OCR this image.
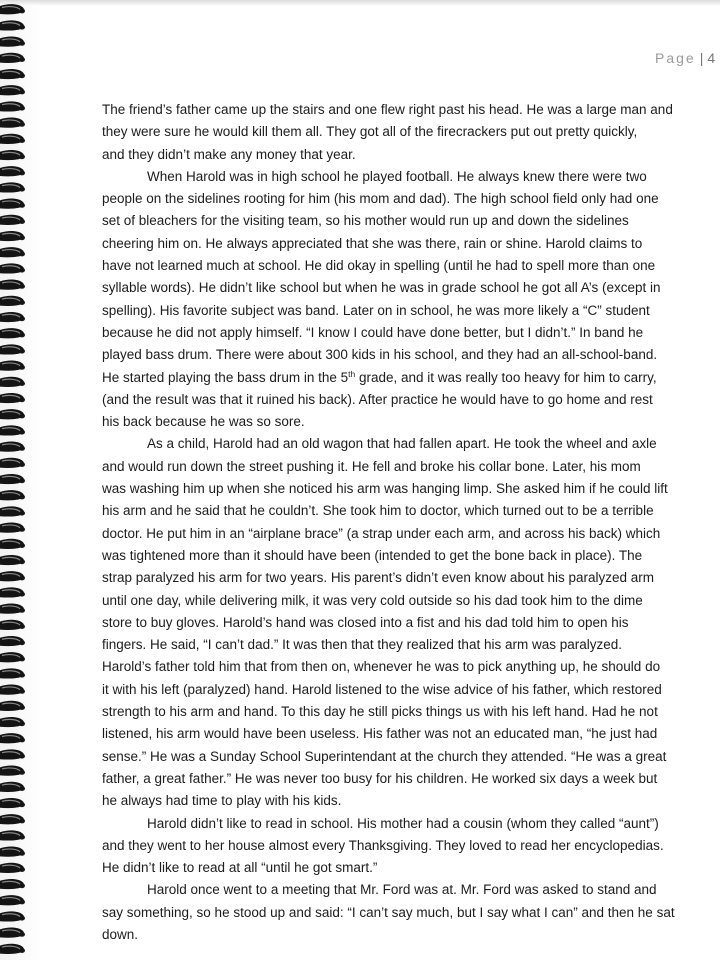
Page | 4
The friend’s father came up the stairs and one flew right past his head. He was a large man and
they were sure he would kill them all. They got all of the firecrackers put out pretty quickly,
and they didn’t make any money that year.
When Harold was in high school he played football. He always knew there were two
people on the sidelines rooting for him (his mom and dad). The high school field only had one
set of bleachers for the visiting team, so his mother would run up and down the sidelines
cheering him on. He always appreciated that she was there, rain or shine. Harold claims to
have not learned much at school. He did okay in spelling (until he had to spell more than one
syllable words). He didn’t like school but when he was in grade school he got all A’s (except in
spelling). His favorite subject was band. Later on in school, he was more likely a “C” student
because he did not apply himself. “I know I could have done better, but I didn’t.” In band he
played bass drum. There were about 300 kids in his school, and they had an all-school-band.
He started playing the bass drum in the 5th grade, and it was really too heavy for him to carry,
(and the result was that it ruined his back). After practice he would have to go home and rest
his back because he was so sore.
As a child, Harold had an old wagon that had fallen apart. He took the wheel and axle
and would run down the street pushing it. He fell and broke his collar bone. Later, his mom
was washing him up when she noticed his arm was hanging limp. She asked him if he could lift
his arm and he said that he couldn’t. She took him to doctor, which turned out to be a terrible
doctor. He put him in an “airplane brace” (a strap under each arm, and across his back) which
was tightened more than it should have been (intended to get the bone back in place). The
strap paralyzed his arm for two years. His parent’s didn’t even know about his paralyzed arm
until one day, while delivering milk, it was very cold outside so his dad took him to the dime
store to buy gloves. Harold’s hand was closed into a fist and his dad told him to open his
fingers. He said, “I can’t dad.” It was then that they realized that his arm was paralyzed.
Harold’s father told him that from then on, whenever he was to pick anything up, he should do
it with his left (paralyzed) hand. Harold listened to the wise advice of his father, which restored
strength to his arm and hand. To this day he still picks things us with his left hand. Had he not
listened, his arm would have been useless. His father was not an educated man, “he just had
sense.” He was a Sunday School Superintendant at the church they attended. “He was a great
father, a great father.” He was never too busy for his children. He worked six days a week but
he always had time to play with his kids.
Harold didn’t like to read in school. His mother had a cousin (whom they called “aunt”)
and they went to her house almost every Thanksgiving. They loved to read her encyclopedias.
He didn’t like to read at all “until he got smart.”
Harold once went to a meeting that Mr. Ford was at. Mr. Ford was asked to stand and
say something, so he stood up and said: “I can’t say much, but I say what I can” and then he sat
down.
